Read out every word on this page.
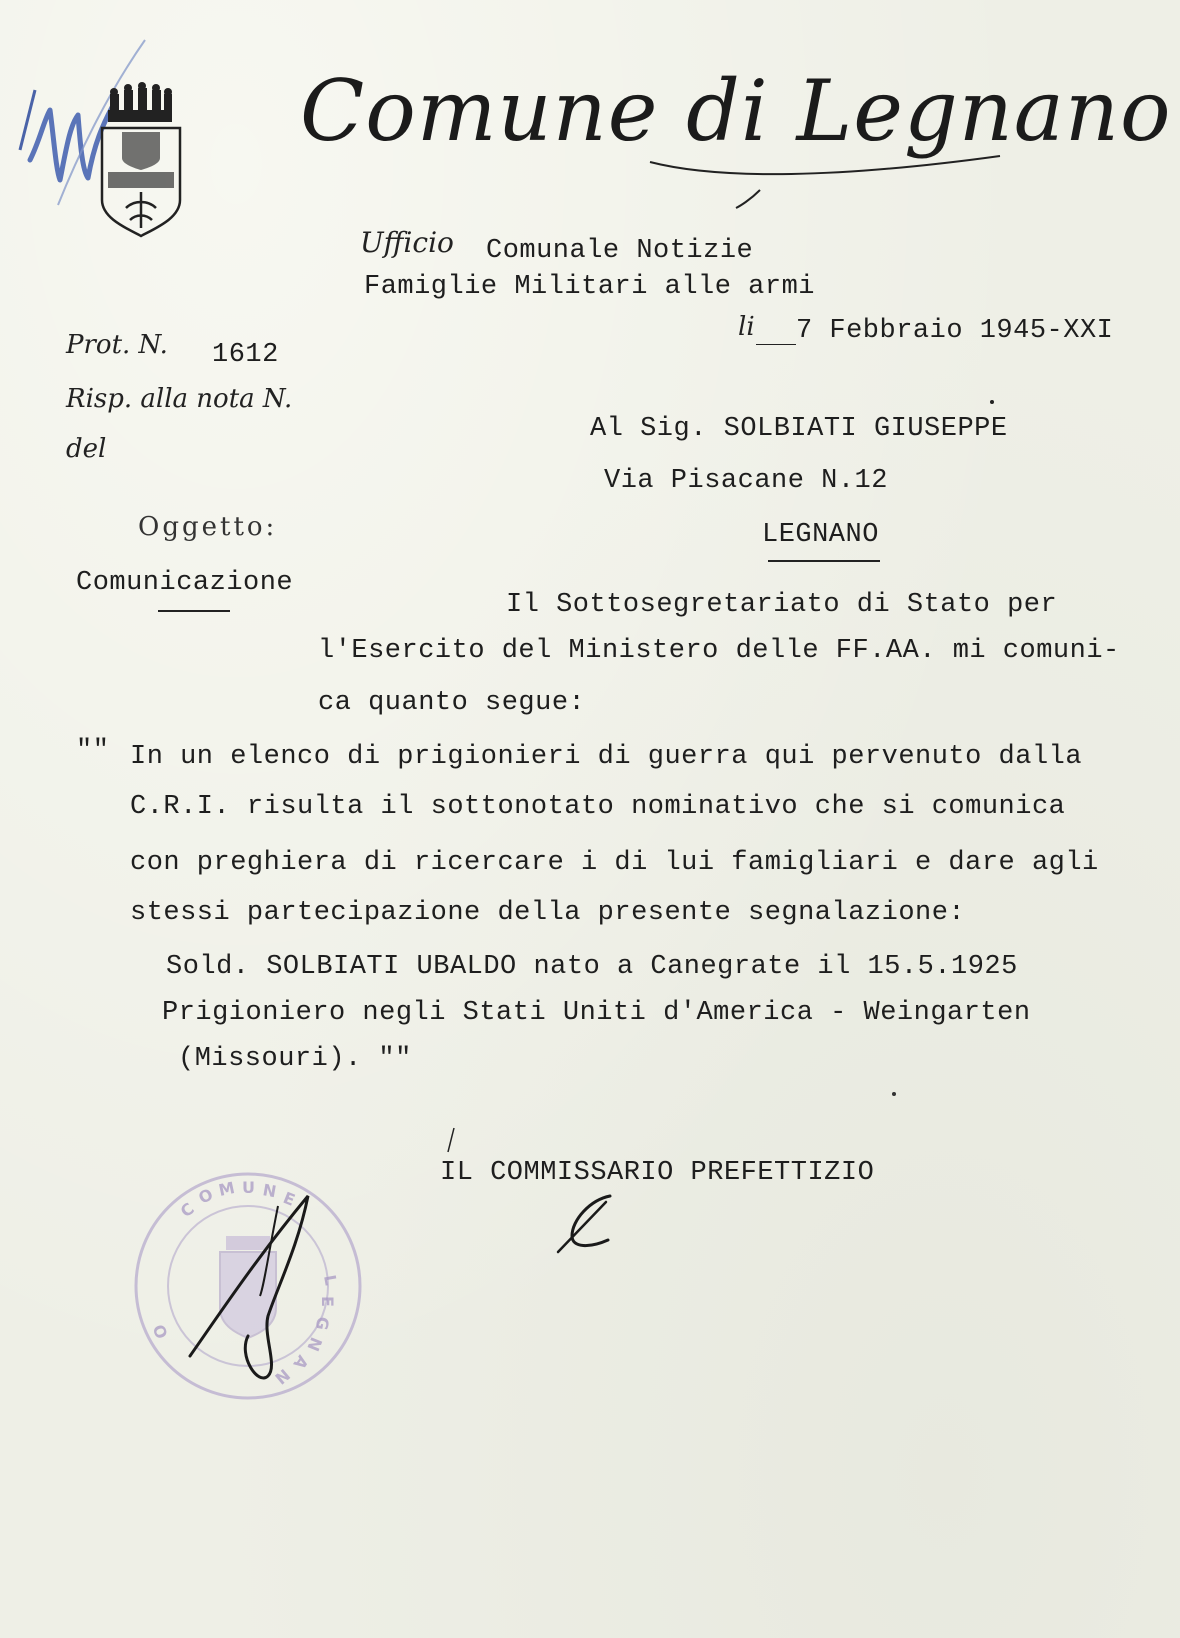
Comune di Legnano
Ufficio Comunale Notizie
Famiglie Militari alle armi
li 7 Febbraio 1945-XXI
Prot. N. 1612
Risp. alla nota N.
del
Al Sig. SOLBIATI GIUSEPPE
Via Pisacane N.12
LEGNANO
Oggetto:
Comunicazione
Il Sottosegretariato di Stato per
l'Esercito del Ministero delle FF.AA. mi comuni-
ca quanto segue:
"" In un elenco di prigionieri di guerra qui pervenuto dalla
C.R.I. risulta il sottonotato nominativo che si comunica
con preghiera di ricercare i di lui famigliari e dare agli
stessi partecipazione della presente segnalazione:
Sold. SOLBIATI UBALDO nato a Canegrate il 15.5.1925
Prigioniero negli Stati Uniti d'America - Weingarten
(Missouri). ""
IL COMMISSARIO PREFETTIZIO
C
O M U N E
L
E
G
N
A
N
O
